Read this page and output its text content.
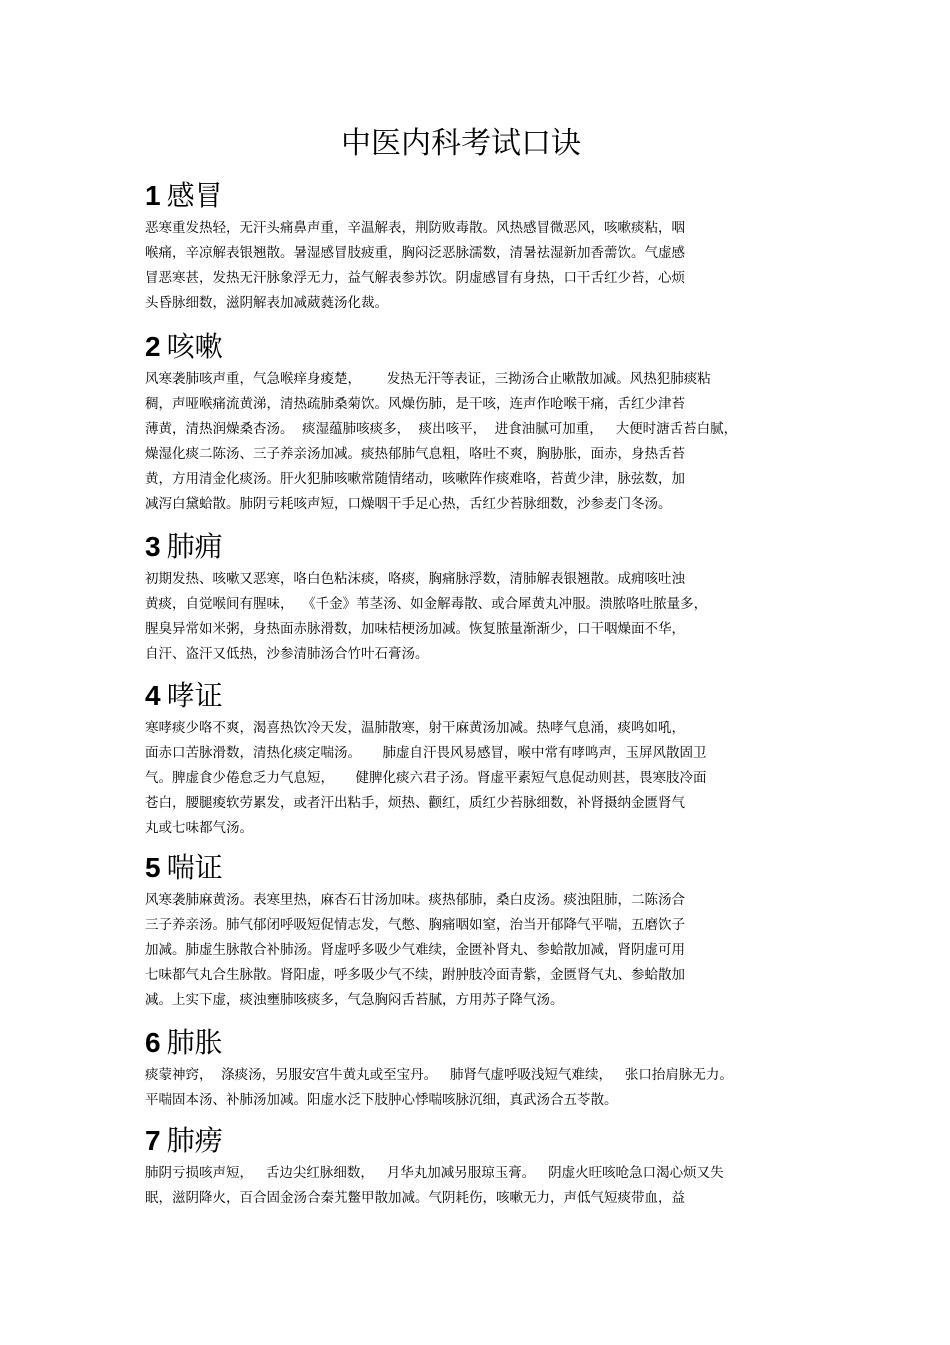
中医内科考试口诀
1 感冒
恶寒重发热轻，无汗头痛鼻声重，辛温解表，荆防败毒散。风热感冒微恶风，咳嗽痰粘，咽
喉痛，辛凉解表银翘散。暑湿感冒肢疲重，胸闷泛恶脉濡数，清暑祛湿新加香薷饮。气虚感
冒恶寒甚，发热无汗脉象浮无力，益气解表参苏饮。阴虚感冒有身热，口干舌红少苔，心烦
头昏脉细数，滋阴解表加减葳蕤汤化裁。
2 咳嗽
风寒袭肺咳声重，气急喉痒身痠楚，      发热无汗等表证，三拗汤合止嗽散加减。风热犯肺痰粘
稠，声哑喉痛流黄涕，清热疏肺桑菊饮。风燥伤肺，是干咳，连声作呛喉干痛，舌红少津苔
薄黄，清热润燥桑杏汤。  痰湿蕴肺咳痰多，  痰出咳平，  进食油腻可加重，   大便时溏舌苔白腻，
燥湿化痰二陈汤、三子养亲汤加减。痰热郁肺气息粗，咯吐不爽，胸胁胀，面赤，身热舌苔
黄，方用清金化痰汤。肝火犯肺咳嗽常随情绪动，咳嗽阵作痰难咯，苔黄少津，脉弦数，加
减泻白黛蛤散。肺阴亏耗咳声短，口燥咽干手足心热，舌红少苔脉细数，沙参麦门冬汤。
3 肺痈
初期发热、咳嗽又恶寒，咯白色粘沫痰，咯痰，胸痛脉浮数，清肺解表银翘散。成痈咳吐浊
黄痰，自觉喉间有腥味，  《千金》苇茎汤、如金解毒散、或合犀黄丸冲服。溃脓咯吐脓量多，
腥臭异常如米粥，身热面赤脉滑数，加味桔梗汤加减。恢复脓量渐渐少，口干咽燥面不华，
自汗、盗汗又低热，沙参清肺汤合竹叶石膏汤。
4 哮证
寒哮痰少咯不爽，渴喜热饮冷天发，温肺散寒，射干麻黄汤加减。热哮气息涌，痰鸣如吼，
面赤口苦脉滑数，清热化痰定喘汤。     肺虚自汗畏风易感冒，喉中常有哮鸣声，玉屏风散固卫
气。脾虚食少倦怠乏力气息短，     健脾化痰六君子汤。肾虚平素短气息促动则甚，畏寒肢冷面
苍白，腰腿痠软劳累发，或者汗出粘手，烦热、颧红，质红少苔脉细数，补肾摄纳金匮肾气
丸或七味都气汤。
5 喘证
风寒袭肺麻黄汤。表寒里热，麻杏石甘汤加味。痰热郁肺，桑白皮汤。痰浊阻肺，二陈汤合
三子养亲汤。肺气郁闭呼吸短促情志发，气憋、胸痛咽如窒，治当开郁降气平喘，五磨饮子
加减。肺虚生脉散合补肺汤。肾虚呼多吸少气难续，金匮补肾丸、参蛤散加减，肾阴虚可用
七味都气丸合生脉散。肾阳虚，呼多吸少气不续，跗肿肢冷面青紫，金匮肾气丸、参蛤散加
减。上实下虚，痰浊壅肺咳痰多，气急胸闷舌苔腻，方用苏子降气汤。
6 肺胀
痰蒙神窍，  涤痰汤，另服安宫牛黄丸或至宝丹。   肺肾气虚呼吸浅短气难续，   张口抬肩脉无力。
平喘固本汤、补肺汤加减。阳虚水泛下肢肿心悸喘咳脉沉细，真武汤合五苓散。
7 肺痨
肺阴亏损咳声短，   舌边尖红脉细数，   月华丸加减另服琼玉膏。   阴虚火旺咳呛急口渴心烦又失
眠，滋阴降火，百合固金汤合秦艽鳖甲散加减。气阴耗伤，咳嗽无力，声低气短痰带血，益
